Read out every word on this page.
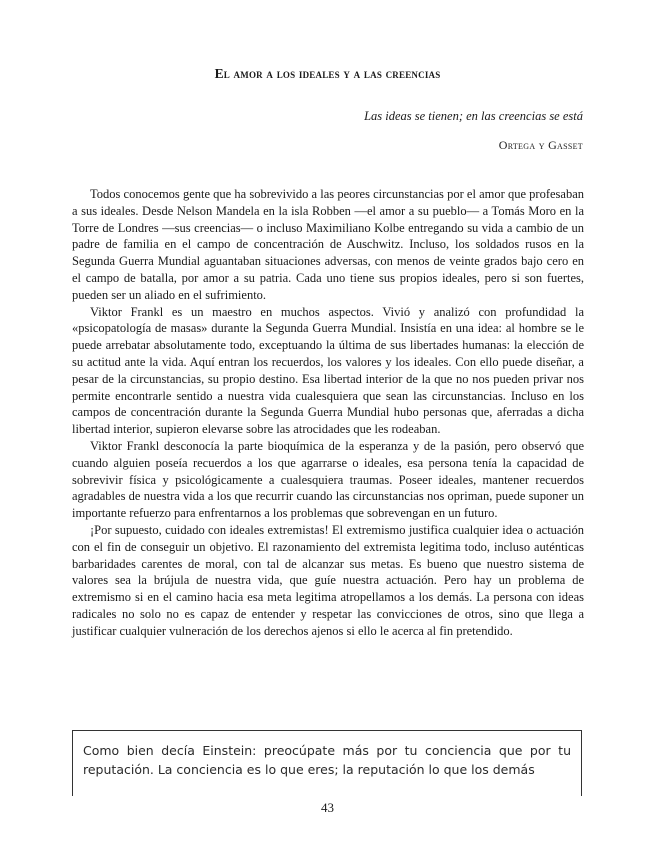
El amor a los ideales y a las creencias
Las ideas se tienen; en las creencias se está
Ortega y Gasset

Todos conocemos gente que ha sobrevivido a las peores circunstancias por el amor que profesaban a sus ideales. Desde Nelson Mandela en la isla Robben —el amor a su pueblo— a Tomás Moro en la Torre de Londres —sus creencias— o incluso Maximiliano Kolbe entregando su vida a cambio de un padre de familia en el campo de concentración de Auschwitz. Incluso, los soldados rusos en la Segunda Guerra Mundial aguantaban situaciones adversas, con menos de veinte grados bajo cero en el campo de batalla, por amor a su patria. Cada uno tiene sus propios ideales, pero si son fuertes, pueden ser un aliado en el sufrimiento.

Viktor Frankl es un maestro en muchos aspectos. Vivió y analizó con profundidad la «psicopatología de masas» durante la Segunda Guerra Mundial. Insistía en una idea: al hombre se le puede arrebatar absolutamente todo, exceptuando la última de sus libertades humanas: la elección de su actitud ante la vida. Aquí entran los recuerdos, los valores y los ideales. Con ello puede diseñar, a pesar de la circunstancias, su propio destino. Esa libertad interior de la que no nos pueden privar nos permite encontrarle sentido a nuestra vida cualesquiera que sean las circunstancias. Incluso en los campos de concentración durante la Segunda Guerra Mundial hubo personas que, aferradas a dicha libertad interior, supieron elevarse sobre las atrocidades que les rodeaban.

Viktor Frankl desconocía la parte bioquímica de la esperanza y de la pasión, pero observó que cuando alguien poseía recuerdos a los que agarrarse o ideales, esa persona tenía la capacidad de sobrevivir física y psicológicamente a cualesquiera traumas. Poseer ideales, mantener recuerdos agradables de nuestra vida a los que recurrir cuando las circunstancias nos opriman, puede suponer un importante refuerzo para enfrentarnos a los problemas que sobrevengan en un futuro.

¡Por supuesto, cuidado con ideales extremistas! El extremismo justifica cualquier idea o actuación con el fin de conseguir un objetivo. El razonamiento del extremista legitima todo, incluso auténticas barbaridades carentes de moral, con tal de alcanzar sus metas. Es bueno que nuestro sistema de valores sea la brújula de nuestra vida, que guíe nuestra actuación. Pero hay un problema de extremismo si en el camino hacia esa meta legitima atropellamos a los demás. La persona con ideas radicales no solo no es capaz de entender y respetar las convicciones de otros, sino que llega a justificar cualquier vulneración de los derechos ajenos si ello le acerca al fin pretendido.

Como bien decía Einstein: preocúpate más por tu conciencia que por tu reputación. La conciencia es lo que eres; la reputación lo que los demás

43
